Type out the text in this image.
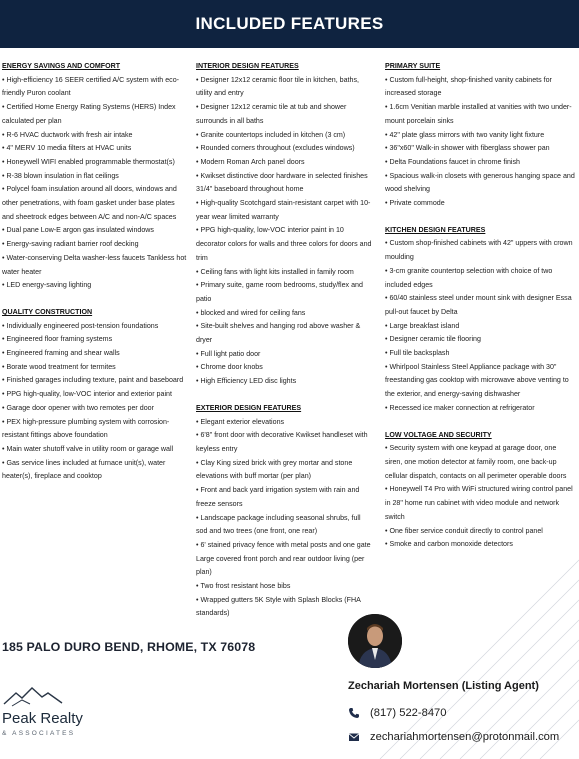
INCLUDED FEATURES
ENERGY SAVINGS AND COMFORT
• High-efficiency 16 SEER certified A/C system with eco-friendly Puron coolant
• Certified Home Energy Rating Systems (HERS) Index calculated per plan
• R-6 HVAC ductwork with fresh air intake
• 4" MERV 10 media filters at HVAC units
• Honeywell WIFI enabled programmable thermostat(s)
• R-38 blown insulation in flat ceilings
• Polycel foam insulation around all doors, windows and other penetrations, with foam gasket under base plates and sheetrock edges between A/C and non-A/C spaces
• Dual pane Low-E argon gas insulated windows
• Energy-saving radiant barrier roof decking
• Water-conserving Delta washer-less faucets Tankless hot water heater
• LED energy-saving lighting
QUALITY CONSTRUCTION
• Individually engineered post-tension foundations
• Engineered floor framing systems
• Engineered framing and shear walls
• Borate wood treatment for termites
• Finished garages including texture, paint and baseboard
• PPG high-quality, low-VOC interior and exterior paint
• Garage door opener with two remotes per door
• PEX high-pressure plumbing system with corrosion-resistant fittings above foundation
• Main water shutoff valve in utility room or garage wall
• Gas service lines included at furnace unit(s), water heater(s), fireplace and cooktop
INTERIOR DESIGN FEATURES
• Designer 12x12 ceramic floor tile in kitchen, baths, utility and entry
• Designer 12x12 ceramic tile at tub and shower surrounds in all baths
• Granite countertops included in kitchen (3 cm)
• Rounded corners throughout (excludes windows)
• Modern Roman Arch panel doors
• Kwikset distinctive door hardware in selected finishes 31/4" baseboard throughout home
• High-quality Scotchgard stain-resistant carpet with 10-year wear limited warranty
• PPG high-quality, low-VOC interior paint in 10 decorator colors for walls and three colors for doors and trim
• Ceiling fans with light kits installed in family room
• Primary suite, game room bedrooms, study/flex and patio
• blocked and wired for ceiling fans
• Site-built shelves and hanging rod above washer & dryer
• Full light patio door
• Chrome door knobs
• High Efficiency LED disc lights
EXTERIOR DESIGN FEATURES
• Elegant exterior elevations
• 6'8" front door with decorative Kwikset handleset with keyless entry
• Clay King sized brick with grey mortar and stone elevations with buff mortar (per plan)
• Front and back yard irrigation system with rain and freeze sensors
• Landscape package including seasonal shrubs, full sod and two trees (one front, one rear)
• 6' stained privacy fence with metal posts and one gate Large covered front porch and rear outdoor living (per plan)
• Two frost resistant hose bibs
• Wrapped gutters 5K Style with Splash Blocks (FHA standards)
PRIMARY SUITE
• Custom full-height, shop-finished vanity cabinets for increased storage
• 1.6cm Venitian marble installed at vanities with two under-mount porcelain sinks
• 42" plate glass mirrors with two vanity light fixture
• 36"x60" Walk-in shower with fiberglass shower pan
• Delta Foundations faucet in chrome finish
• Spacious walk-in closets with generous hanging space and wood shelving
• Private commode
KITCHEN DESIGN FEATURES
• Custom shop-finished cabinets with 42" uppers with crown moulding
• 3-cm granite countertop selection with choice of two included edges
• 60/40 stainless steel under mount sink with designer Essa pull-out faucet by Delta
• Large breakfast island
• Designer ceramic tile flooring
• Full tile backsplash
• Whirlpool Stainless Steel Appliance package with 30" freestanding gas cooktop with microwave above venting to the exterior, and energy-saving dishwasher
• Recessed ice maker connection at refrigerator
LOW VOLTAGE AND SECURITY
• Security system with one keypad at garage door, one siren, one motion detector at family room, one back-up cellular dispatch, contacts on all perimeter operable doors
• Honeywell T4 Pro with WiFi structured wiring control panel in 28" home run cabinet with video module and network switch
• One fiber service conduit directly to control panel
• Smoke and carbon monoxide detectors
185 PALO DURO BEND, RHOME, TX 76078
Peak Realty
& ASSOCIATES
Zechariah Mortensen (Listing Agent)
(817) 522-8470
zechariahmortensen@protonmail.com
